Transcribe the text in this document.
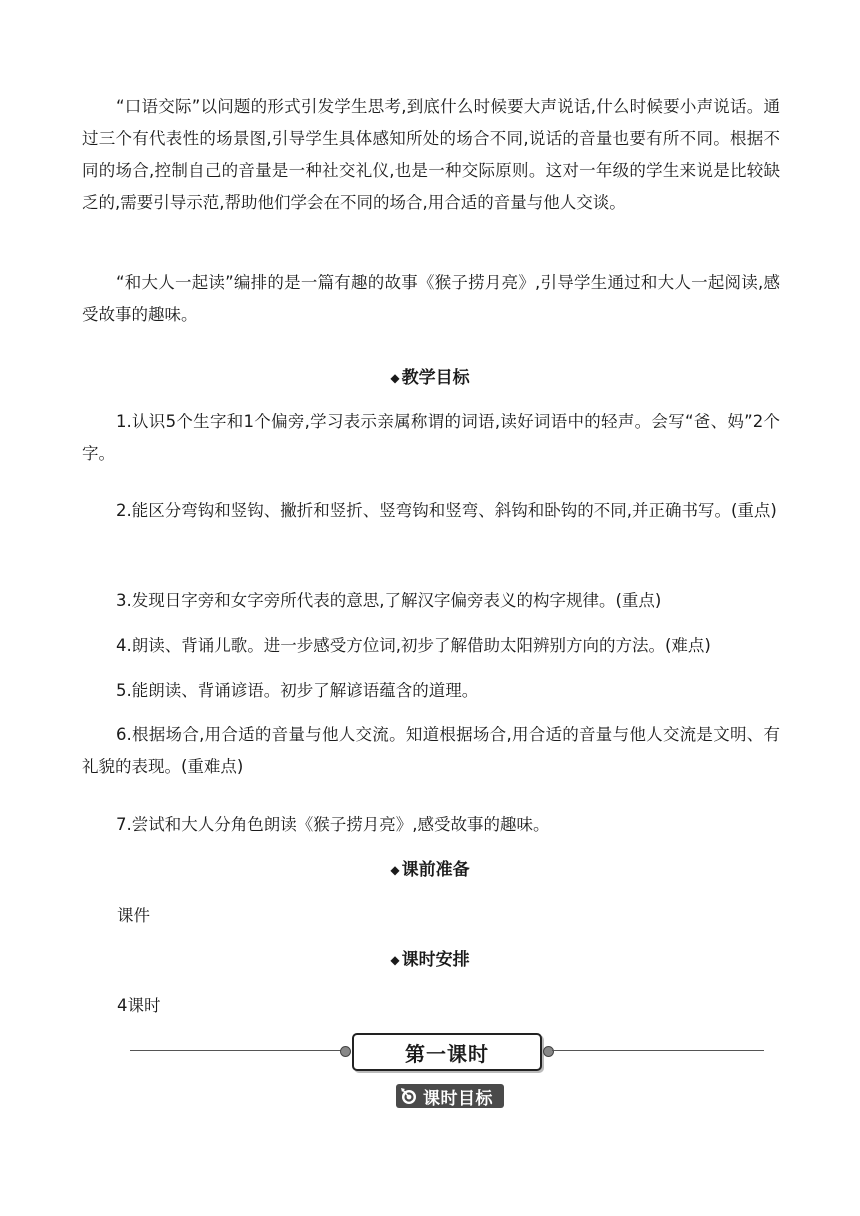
“口语交际”以问题的形式引发学生思考,到底什么时候要大声说话,什么时候要小声说话。通过三个有代表性的场景图,引导学生具体感知所处的场合不同,说话的音量也要有所不同。根据不同的场合,控制自己的音量是一种社交礼仪,也是一种交际原则。这对一年级的学生来说是比较缺乏的,需要引导示范,帮助他们学会在不同的场合,用合适的音量与他人交谈。

“和大人一起读”编排的是一篇有趣的故事《猴子捞月亮》,引导学生通过和大人一起阅读,感受故事的趣味。

◆ 教学目标

1.认识5个生字和1个偏旁,学习表示亲属称谓的词语,读好词语中的轻声。会写“爸、妈”2个字。

2.能区分弯钩和竖钩、撇折和竖折、竖弯钩和竖弯、斜钩和卧钩的不同,并正确书写。(重点)

3.发现日字旁和女字旁所代表的意思,了解汉字偏旁表义的构字规律。(重点)

4.朗读、背诵儿歌。进一步感受方位词,初步了解借助太阳辨别方向的方法。(难点)

5.能朗读、背诵谚语。初步了解谚语蕴含的道理。

6.根据场合,用合适的音量与他人交流。知道根据场合,用合适的音量与他人交流是文明、有礼貌的表现。(重难点)

7.尝试和大人分角色朗读《猴子捞月亮》,感受故事的趣味。

◆ 课前准备

课件

◆ 课时安排

4课时

第一课时
课时目标
